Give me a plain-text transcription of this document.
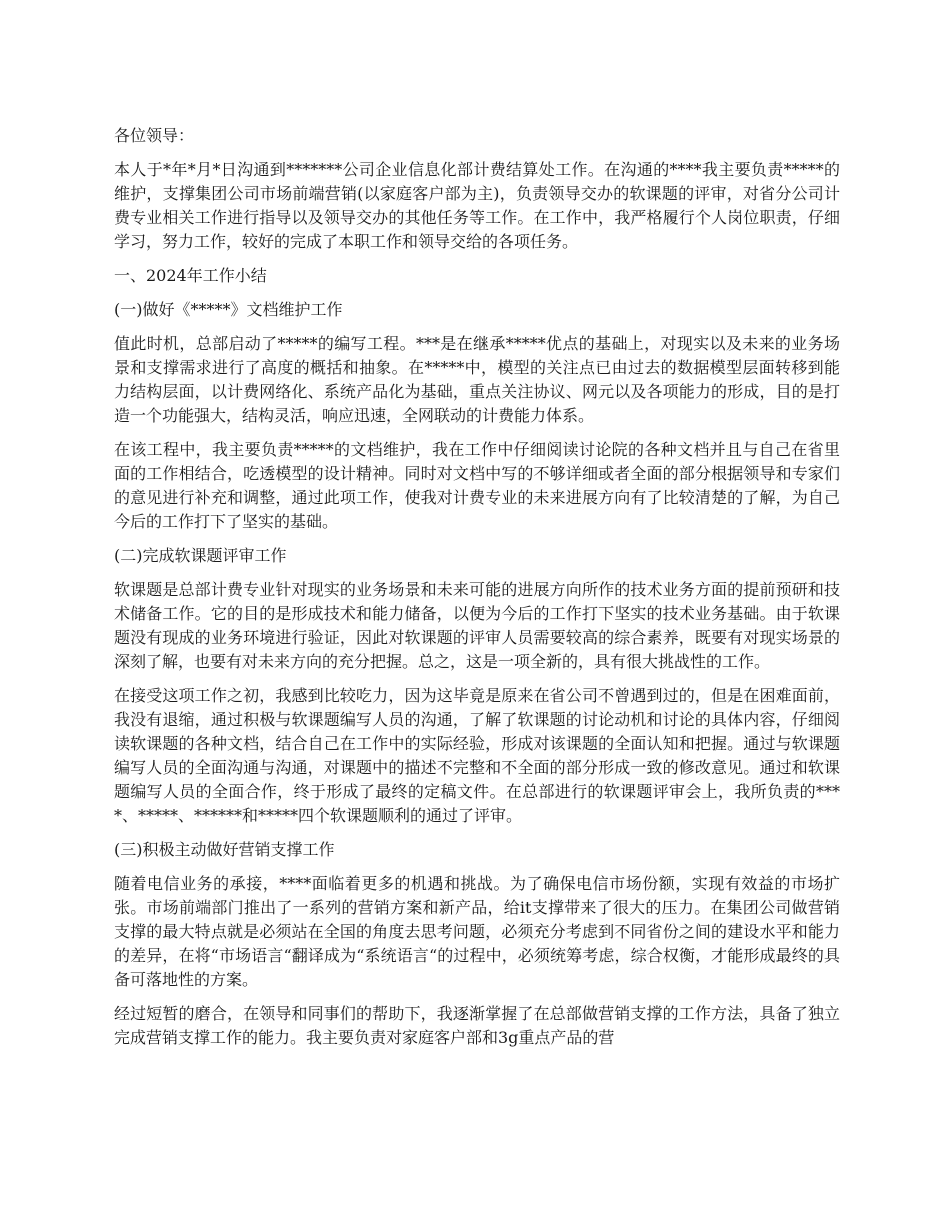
各位领导：

本人于*年*月*日沟通到*******公司企业信息化部计费结算处工作。在沟通的****我主要负责*****的维护，支撑集团公司市场前端营销(以家庭客户部为主)，负责领导交办的软课题的评审，对省分公司计费专业相关工作进行指导以及领导交办的其他任务等工作。在工作中，我严格履行个人岗位职责，仔细学习，努力工作，较好的完成了本职工作和领导交给的各项任务。

一、2024年工作小结

(一)做好《*****》文档维护工作

值此时机，总部启动了*****的编写工程。***是在继承*****优点的基础上，对现实以及未来的业务场景和支撑需求进行了高度的概括和抽象。在*****中，模型的关注点已由过去的数据模型层面转移到能力结构层面，以计费网络化、系统产品化为基础，重点关注协议、网元以及各项能力的形成，目的是打造一个功能强大，结构灵活，响应迅速，全网联动的计费能力体系。

在该工程中，我主要负责*****的文档维护，我在工作中仔细阅读讨论院的各种文档并且与自己在省里面的工作相结合，吃透模型的设计精神。同时对文档中写的不够详细或者全面的部分根据领导和专家们的意见进行补充和调整，通过此项工作，使我对计费专业的未来进展方向有了比较清楚的了解，为自己今后的工作打下了坚实的基础。

(二)完成软课题评审工作

软课题是总部计费专业针对现实的业务场景和未来可能的进展方向所作的技术业务方面的提前预研和技术储备工作。它的目的是形成技术和能力储备，以便为今后的工作打下坚实的技术业务基础。由于软课题没有现成的业务环境进行验证，因此对软课题的评审人员需要较高的综合素养，既要有对现实场景的深刻了解，也要有对未来方向的充分把握。总之，这是一项全新的，具有很大挑战性的工作。

在接受这项工作之初，我感到比较吃力，因为这毕竟是原来在省公司不曾遇到过的，但是在困难面前，我没有退缩，通过积极与软课题编写人员的沟通，了解了软课题的讨论动机和讨论的具体内容，仔细阅读软课题的各种文档，结合自己在工作中的实际经验，形成对该课题的全面认知和把握。通过与软课题编写人员的全面沟通与沟通，对课题中的描述不完整和不全面的部分形成一致的修改意见。通过和软课题编写人员的全面合作，终于形成了最终的定稿文件。在总部进行的软课题评审会上，我所负责的****、*****、******和*****四个软课题顺利的通过了评审。

(三)积极主动做好营销支撑工作

随着电信业务的承接，****面临着更多的机遇和挑战。为了确保电信市场份额，实现有效益的市场扩张。市场前端部门推出了一系列的营销方案和新产品，给it支撑带来了很大的压力。在集团公司做营销支撑的最大特点就是必须站在全国的角度去思考问题，必须充分考虑到不同省份之间的建设水平和能力的差异，在将“市场语言“翻译成为“系统语言“的过程中，必须统筹考虑，综合权衡，才能形成最终的具备可落地性的方案。

经过短暂的磨合，在领导和同事们的帮助下，我逐渐掌握了在总部做营销支撑的工作方法，具备了独立完成营销支撑工作的能力。我主要负责对家庭客户部和3g重点产品的营
